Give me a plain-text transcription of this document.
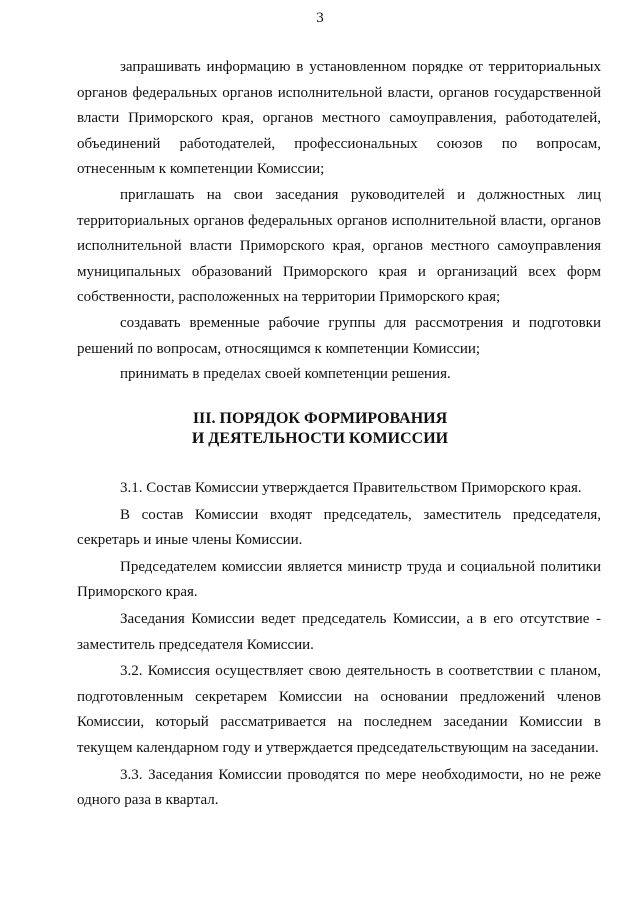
3

запрашивать информацию в установленном порядке от территориальных органов федеральных органов исполнительной власти, органов государственной власти Приморского края, органов местного самоуправления, работодателей, объединений работодателей, профессиональных союзов по вопросам, отнесенным к компетенции Комиссии;

приглашать на свои заседания руководителей и должностных лиц территориальных органов федеральных органов исполнительной власти, органов исполнительной власти Приморского края, органов местного самоуправления муниципальных образований Приморского края и организаций всех форм собственности, расположенных на территории Приморского края;

создавать временные рабочие группы для рассмотрения и подготовки решений по вопросам, относящимся к компетенции Комиссии;

принимать в пределах своей компетенции решения.

III. ПОРЯДОК ФОРМИРОВАНИЯ
И ДЕЯТЕЛЬНОСТИ КОМИССИИ

3.1. Состав Комиссии утверждается Правительством Приморского края.

В состав Комиссии входят председатель, заместитель председателя, секретарь и иные члены Комиссии.

Председателем комиссии является министр труда и социальной политики Приморского края.

Заседания Комиссии ведет председатель Комиссии, а в его отсутствие - заместитель председателя Комиссии.

3.2. Комиссия осуществляет свою деятельность в соответствии с планом, подготовленным секретарем Комиссии на основании предложений членов Комиссии, который рассматривается на последнем заседании Комиссии в текущем календарном году и утверждается председательствующим на заседании.

3.3. Заседания Комиссии проводятся по мере необходимости, но не реже одного раза в квартал.
